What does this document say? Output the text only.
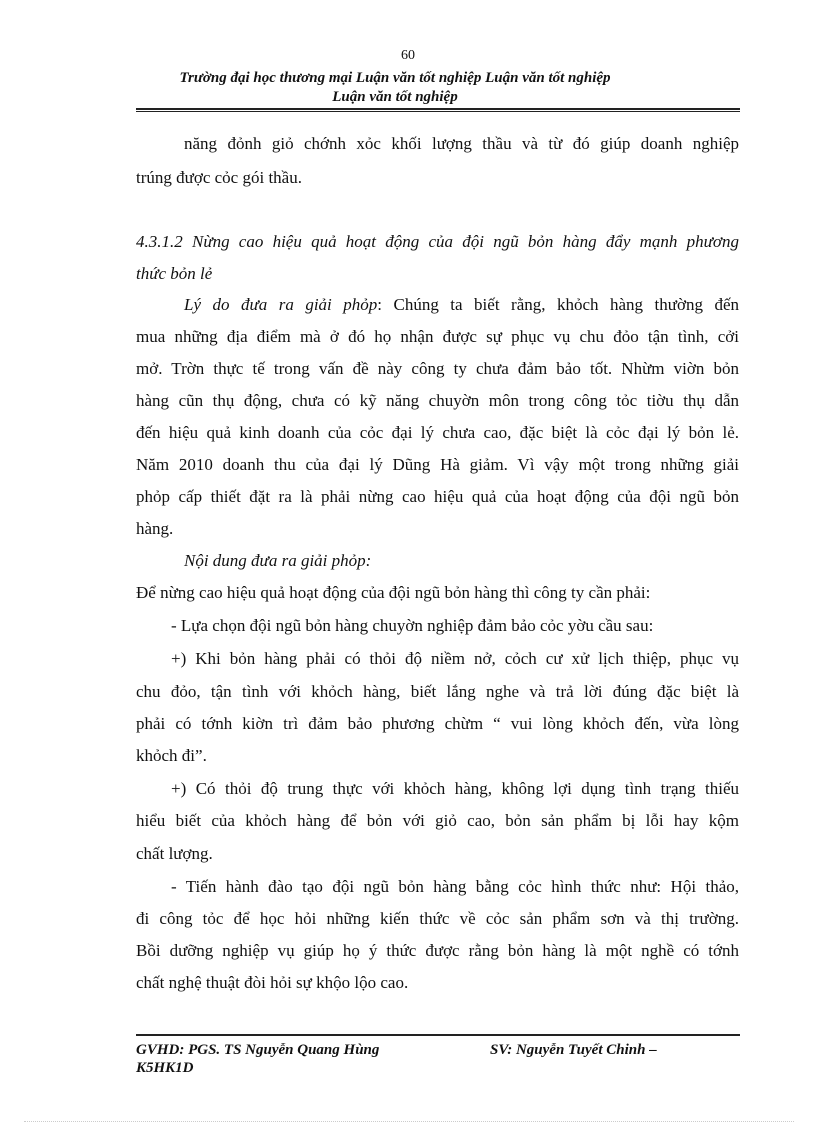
60
Trường đại học thương mại Luận văn tốt nghiệp Luận văn tốt nghiệp
Luận văn tốt nghiệp
năng đỏnh giỏ chớnh xỏc khối lượng thầu và từ đó giúp doanh nghiệp
trúng được cỏc gói thầu.
4.3.1.2 Nừng cao hiệu quả hoạt động của đội ngũ bỏn hàng đẩy mạnh phương
thức bỏn lẻ
Lý do đưa ra giải phỏp: Chúng ta biết rằng, khỏch hàng thường đến
mua những địa điểm mà ở đó họ nhận được sự phục vụ chu đỏo tận tình, cởi
mở. Trờn thực tế trong vấn đề này công ty chưa đảm bảo tốt. Nhừm viờn bỏn
hàng cũn thụ động, chưa có kỹ năng chuyờn môn trong công tỏc tiờu thụ dẫn
đến hiệu quả kinh doanh của cỏc đại lý chưa cao, đặc biệt là cỏc đại lý bỏn lẻ.
Năm 2010 doanh thu của đại lý Dũng Hà giảm. Vì vậy một trong những giải
phỏp cấp thiết đặt ra là phải nừng cao hiệu quả của hoạt động của đội ngũ bỏn
hàng.
Nội dung đưa ra giải phỏp:
Để nừng cao hiệu quả hoạt động của đội ngũ bỏn hàng thì công ty cần phải:
- Lựa chọn đội ngũ bỏn hàng chuyờn nghiệp đảm bảo cỏc yờu cầu sau:
+) Khi bỏn hàng phải có thỏi độ niềm nở, cỏch cư xử lịch thiệp, phục vụ
chu đỏo, tận tình với khỏch hàng, biết lắng nghe và trả lời đúng đặc biệt là
phải có tớnh kiờn trì đảm bảo phương chừm “ vui lòng khỏch đến, vừa lòng
khỏch đi”.
+) Có thỏi độ trung thực với khỏch hàng, không lợi dụng tình trạng thiếu
hiểu biết của khỏch hàng để bỏn với giỏ cao, bỏn sản phẩm bị lỗi hay kộm
chất lượng.
- Tiến hành đào tạo đội ngũ bỏn hàng bằng cỏc hình thức như: Hội thảo,
đi công tỏc để học hỏi những kiến thức về cỏc sản phẩm sơn và thị trường.
Bồi dưỡng nghiệp vụ giúp họ ý thức được rằng bỏn hàng là một nghề có tớnh
chất nghệ thuật đòi hỏi sự khộo lộo cao.
GVHD: PGS. TS Nguyễn Quang Hùng	SV: Nguyễn Tuyết Chinh –
K5HK1D
